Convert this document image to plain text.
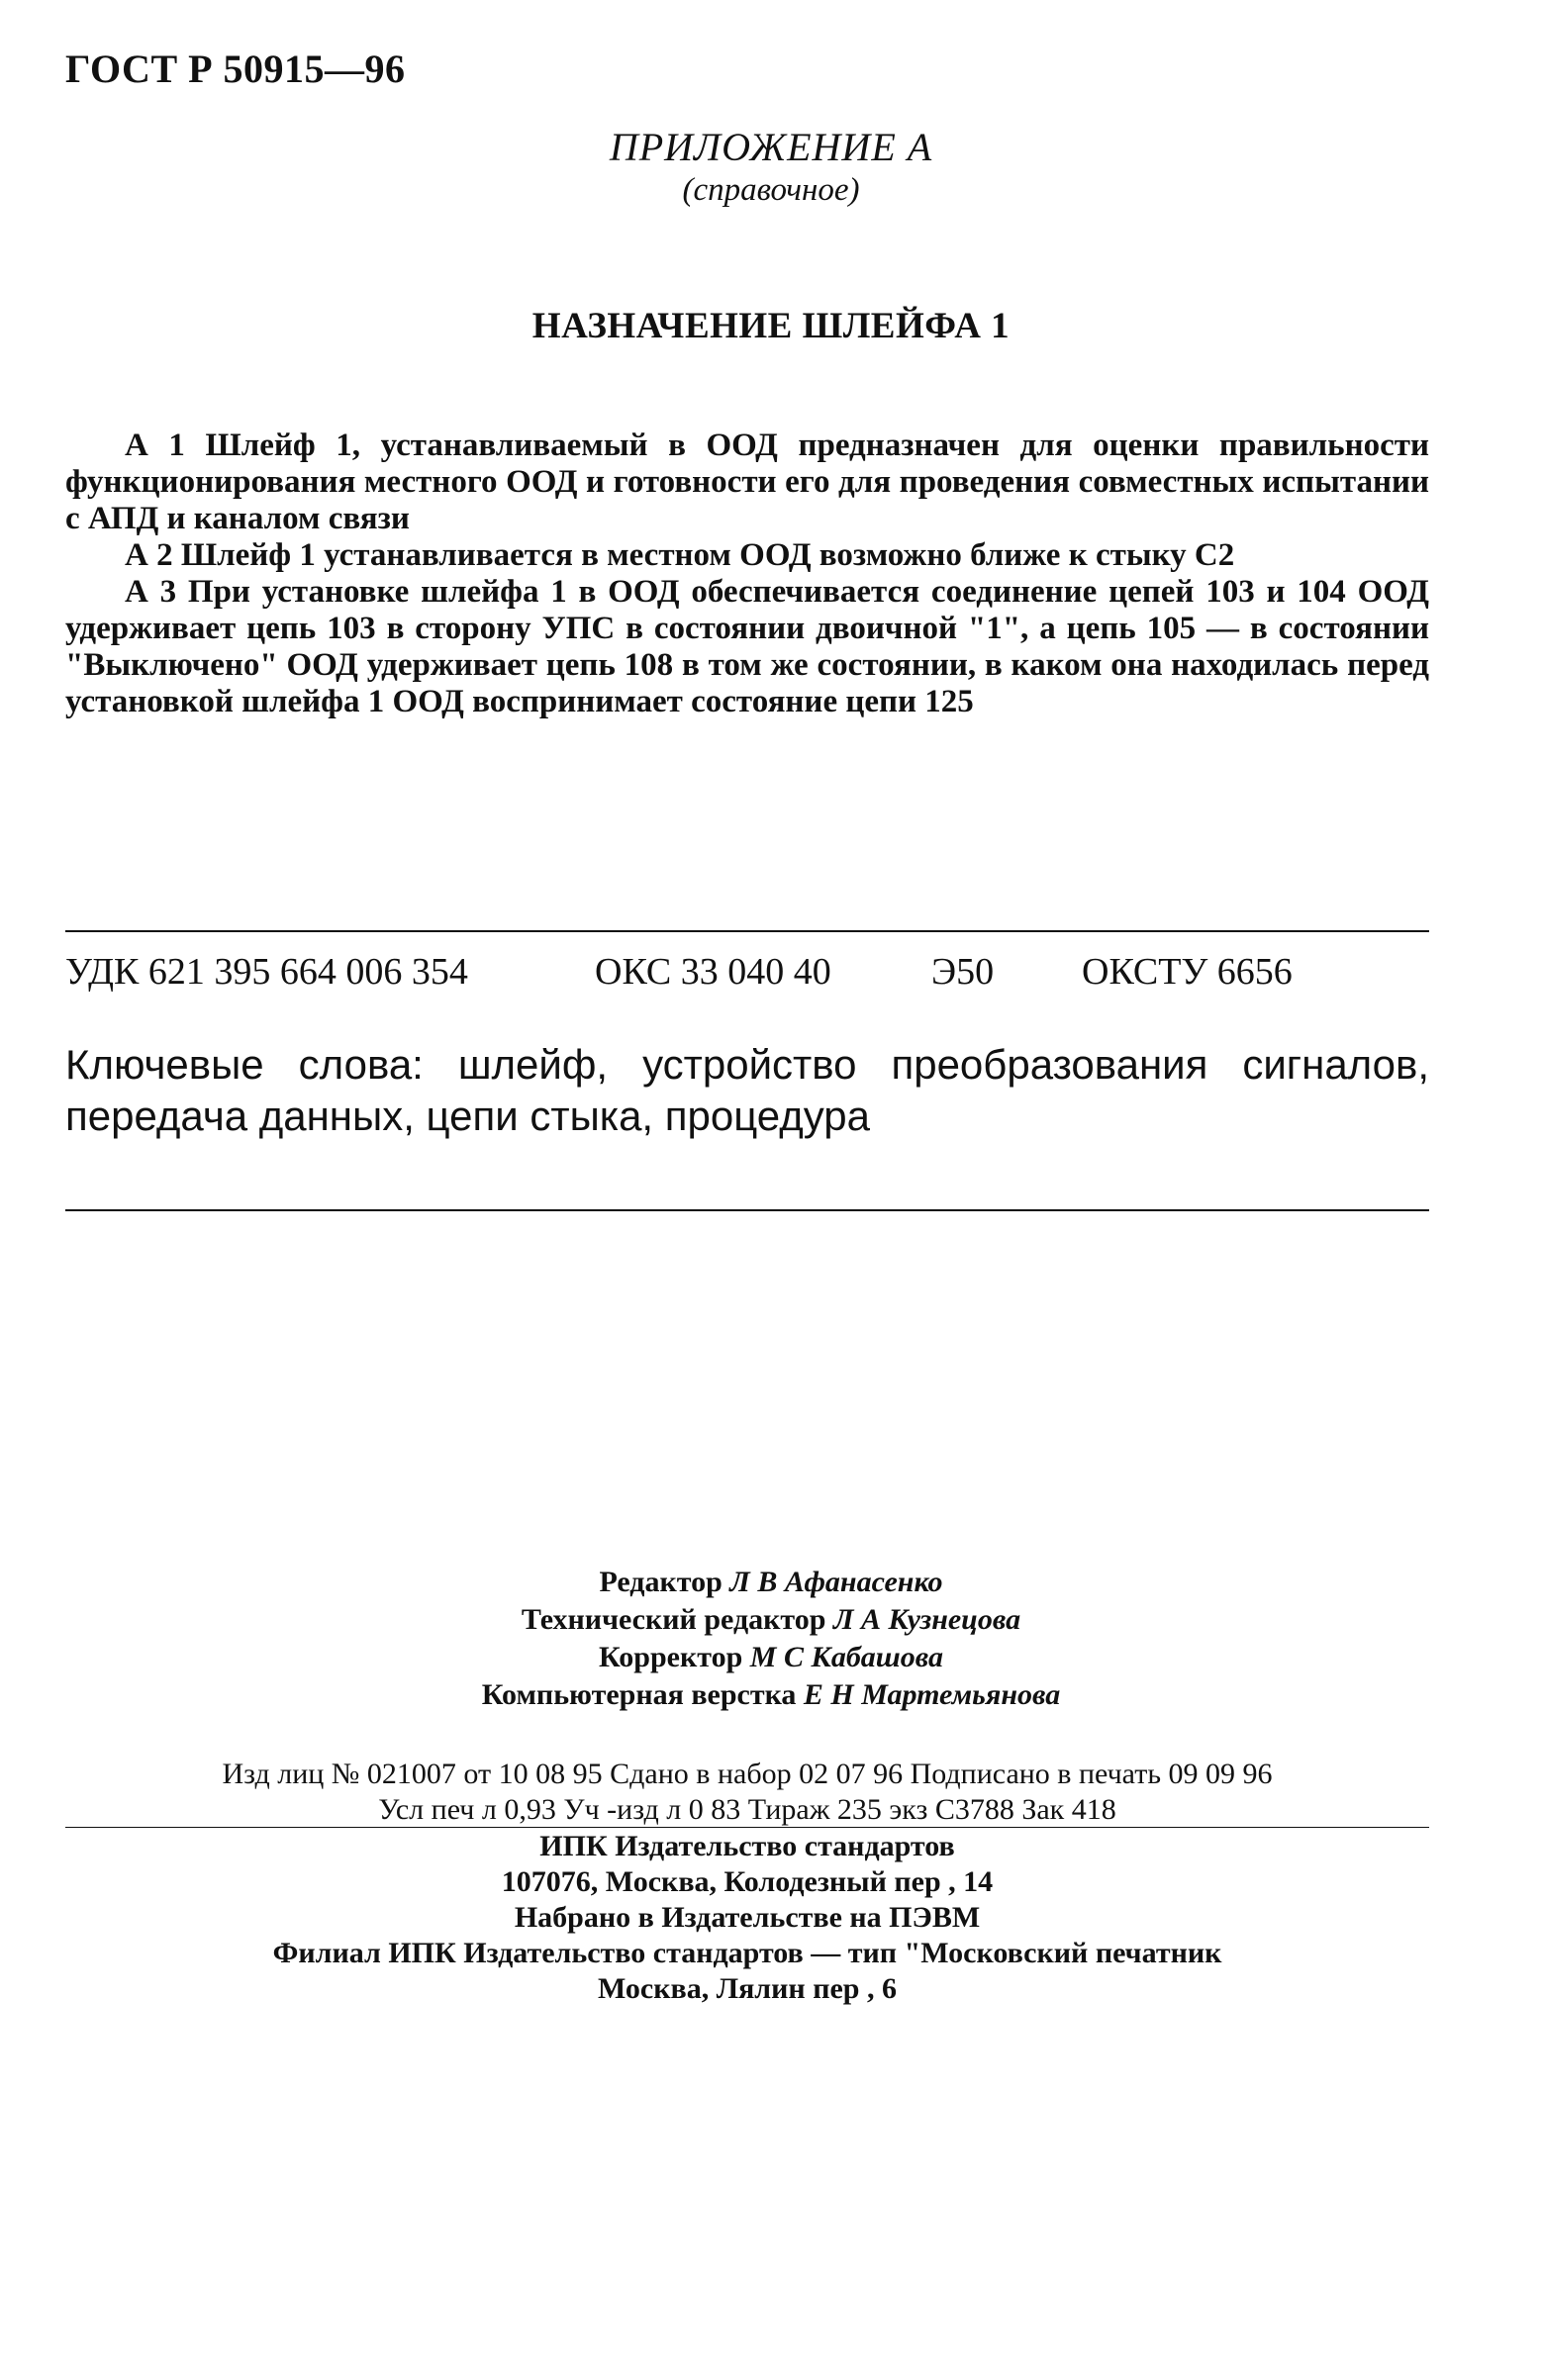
ГОСТ Р 50915—96
ПРИЛОЖЕНИЕ А
(справочное)
НАЗНАЧЕНИЕ ШЛЕЙФА 1

А 1 Шлейф 1, устанавливаемый в ООД предназначен для оценки правильности функционирования местного ООД и готовности его для проведения совместных испытании с АПД и каналом связи

А 2 Шлейф 1 устанавливается в местном ООД возможно ближе к стыку С2

А 3 При установке шлейфа 1 в ООД обеспечивается соединение цепей 103 и 104 ООД удерживает цепь 103 в сторону УПС в состоянии двоичной "1", а цепь 105 — в состоянии "Выключено" ООД удерживает цепь 108 в том же состоянии, в каком она находилась перед установкой шлейфа 1 ООД воспринимает состояние цепи 125

УДК 621 395 664 006 354	ОКС 33 040 40	Э50 ОКСТУ 6656
Ключевые слова: шлейф, устройство преобразования сигналов, передача данных, цепи стыка, процедура
Редактор Л В Афанасенко
Технический редактор Л А Кузнецова
Корректор М С Кабашова
Компьютерная верстка Е Н Мартемьянова
Изд лиц № 021007 от 10 08 95 Сдано в набор 02 07 96 Подписано в печать 09 09 96
Усл печ л 0,93 Уч -изд л 0 83 Тираж 235 экз С3788 Зак 418
ИПК Издательство стандартов
107076, Москва, Колодезный пер , 14
Набрано в Издательстве на ПЭВМ
Филиал ИПК Издательство стандартов — тип "Московский печатник
Москва, Лялин пер , 6
